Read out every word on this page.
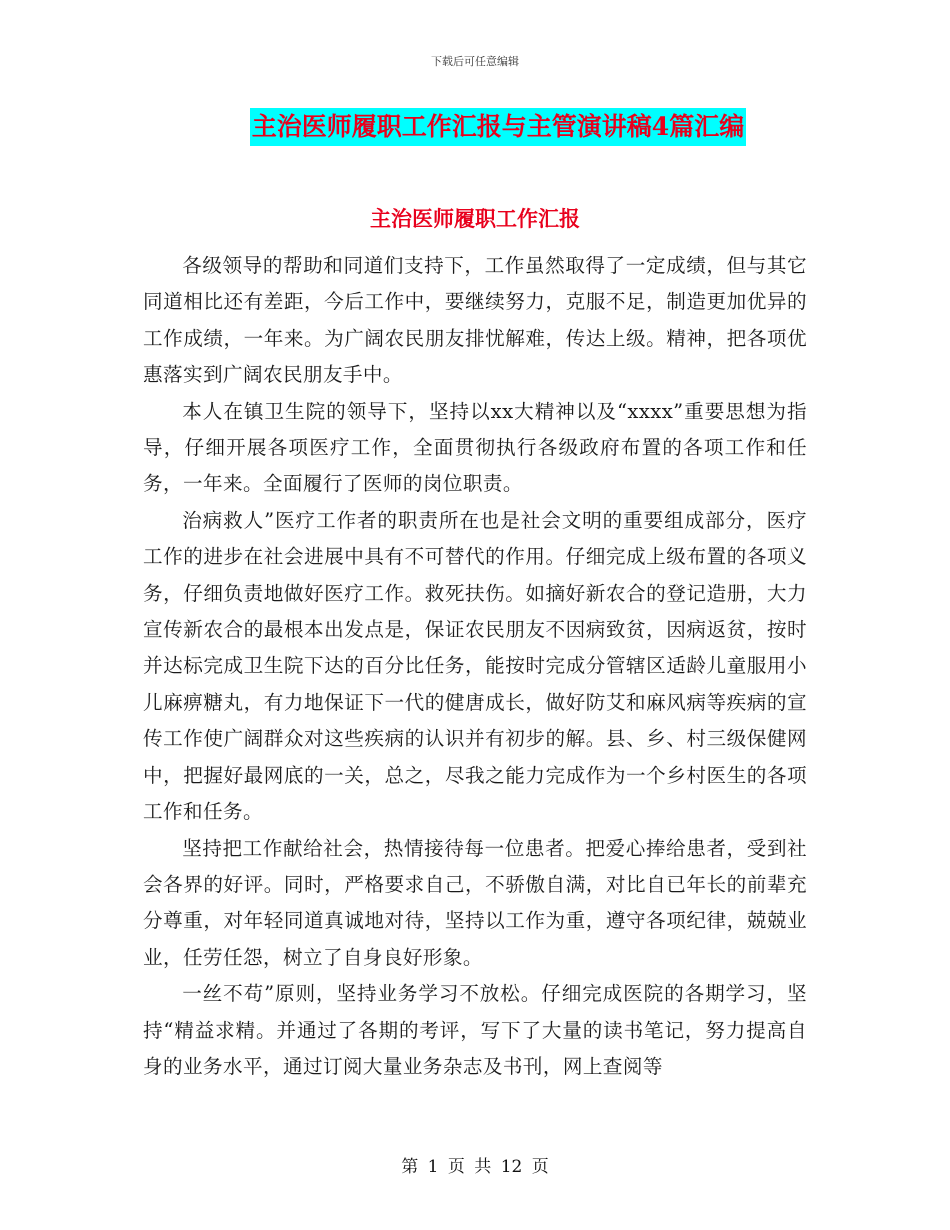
下载后可任意编辑
主治医师履职工作汇报与主管演讲稿4篇汇编
主治医师履职工作汇报

各级领导的帮助和同道们支持下，工作虽然取得了一定成绩，但与其它同道相比还有差距，今后工作中，要继续努力，克服不足，制造更加优异的工作成绩，一年来。为广阔农民朋友排忧解难，传达上级。精神，把各项优惠落实到广阔农民朋友手中。

本人在镇卫生院的领导下，坚持以xx大精神以及“xxxx”重要思想为指导，仔细开展各项医疗工作，全面贯彻执行各级政府布置的各项工作和任务，一年来。全面履行了医师的岗位职责。

治病救人”医疗工作者的职责所在也是社会文明的重要组成部分，医疗工作的进步在社会进展中具有不可替代的作用。仔细完成上级布置的各项义务，仔细负责地做好医疗工作。救死扶伤。如摘好新农合的登记造册，大力宣传新农合的最根本出发点是，保证农民朋友不因病致贫，因病返贫，按时并达标完成卫生院下达的百分比任务，能按时完成分管辖区适龄儿童服用小儿麻痹糖丸，有力地保证下一代的健唐成长，做好防艾和麻风病等疾病的宣传工作使广阔群众对这些疾病的认识并有初步的解。县、乡、村三级保健网中，把握好最网底的一关，总之，尽我之能力完成作为一个乡村医生的各项工作和任务。

坚持把工作献给社会，热情接待每一位患者。把爱心捧给患者，受到社会各界的好评。同时，严格要求自己，不骄傲自满，对比自已年长的前辈充分尊重，对年轻同道真诚地对待，坚持以工作为重，遵守各项纪律，兢兢业业，任劳任怨，树立了自身良好形象。

一丝不苟”原则，坚持业务学习不放松。仔细完成医院的各期学习，坚持“精益求精。并通过了各期的考评，写下了大量的读书笔记，努力提高自身的业务水平，通过订阅大量业务杂志及书刊，网上查阅等

第 1 页 共 12 页
